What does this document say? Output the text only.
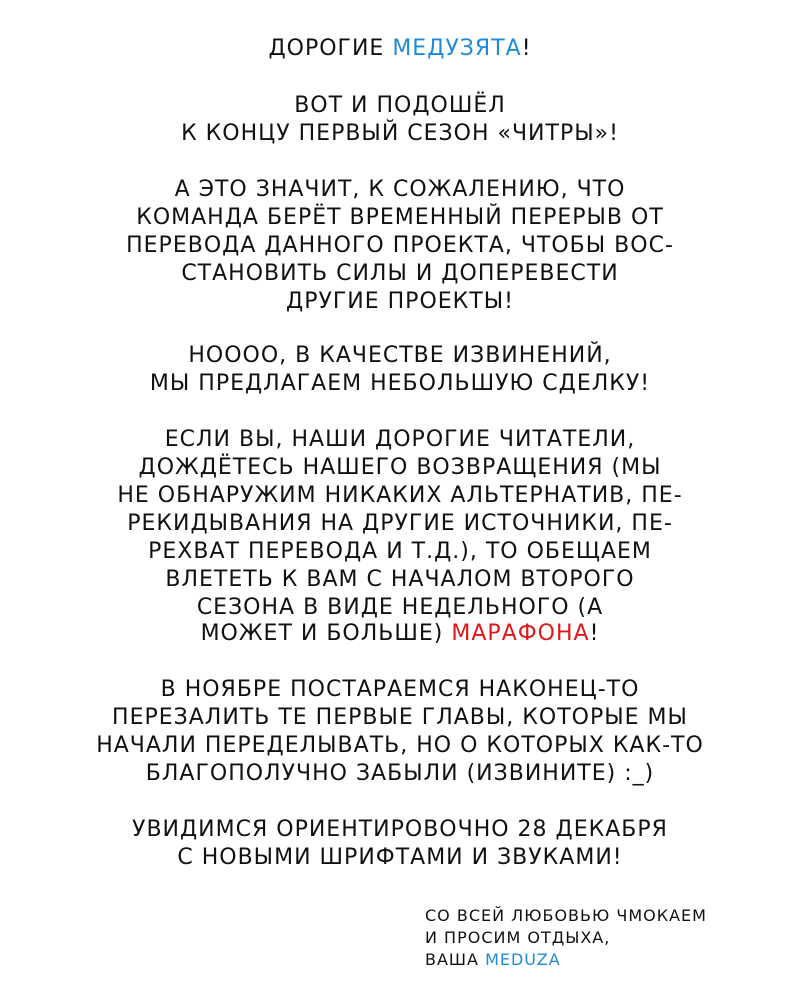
ДОРОГИЕ МЕДУЗЯТА!
ВОТ И ПОДОШЁЛ
К КОНЦУ ПЕРВЫЙ СЕЗОН «ЧИТРЫ»!
А ЭТО ЗНАЧИТ, К СОЖАЛЕНИЮ, ЧТО
КОМАНДА БЕРЁТ ВРЕМЕННЫЙ ПЕРЕРЫВ ОТ
ПЕРЕВОДА ДАННОГО ПРОЕКТА, ЧТОБЫ ВОС-
СТАНОВИТЬ СИЛЫ И ДОПЕРЕВЕСТИ
ДРУГИЕ ПРОЕКТЫ!
НОООО, В КАЧЕСТВЕ ИЗВИНЕНИЙ,
МЫ ПРЕДЛАГАЕМ НЕБОЛЬШУЮ СДЕЛКУ!
ЕСЛИ ВЫ, НАШИ ДОРОГИЕ ЧИТАТЕЛИ,
ДОЖДЁТЕСЬ НАШЕГО ВОЗВРАЩЕНИЯ (МЫ
НЕ ОБНАРУЖИМ НИКАКИХ АЛЬТЕРНАТИВ, ПЕ-
РЕКИДЫВАНИЯ НА ДРУГИЕ ИСТОЧНИКИ, ПЕ-
РЕХВАТ ПЕРЕВОДА И Т.Д.), ТО ОБЕЩАЕМ
ВЛЕТЕТЬ К ВАМ С НАЧАЛОМ ВТОРОГО
СЕЗОНА В ВИДЕ НЕДЕЛЬНОГО (А
МОЖЕТ И БОЛЬШЕ) МАРАФОНА!
В НОЯБРЕ ПОСТАРАЕМСЯ НАКОНЕЦ-ТО
ПЕРЕЗАЛИТЬ ТЕ ПЕРВЫЕ ГЛАВЫ, КОТОРЫЕ МЫ
НАЧАЛИ ПЕРЕДЕЛЫВАТЬ, НО О КОТОРЫХ КАК-ТО
БЛАГОПОЛУЧНО ЗАБЫЛИ (ИЗВИНИТЕ) :_)
УВИДИМСЯ ОРИЕНТИРОВОЧНО 28 ДЕКАБРЯ
С НОВЫМИ ШРИФТАМИ И ЗВУКАМИ!
СО ВСЕЙ ЛЮБОВЬЮ ЧМОКАЕМ
И ПРОСИМ ОТДЫХА,
ВАША MEDUZA
